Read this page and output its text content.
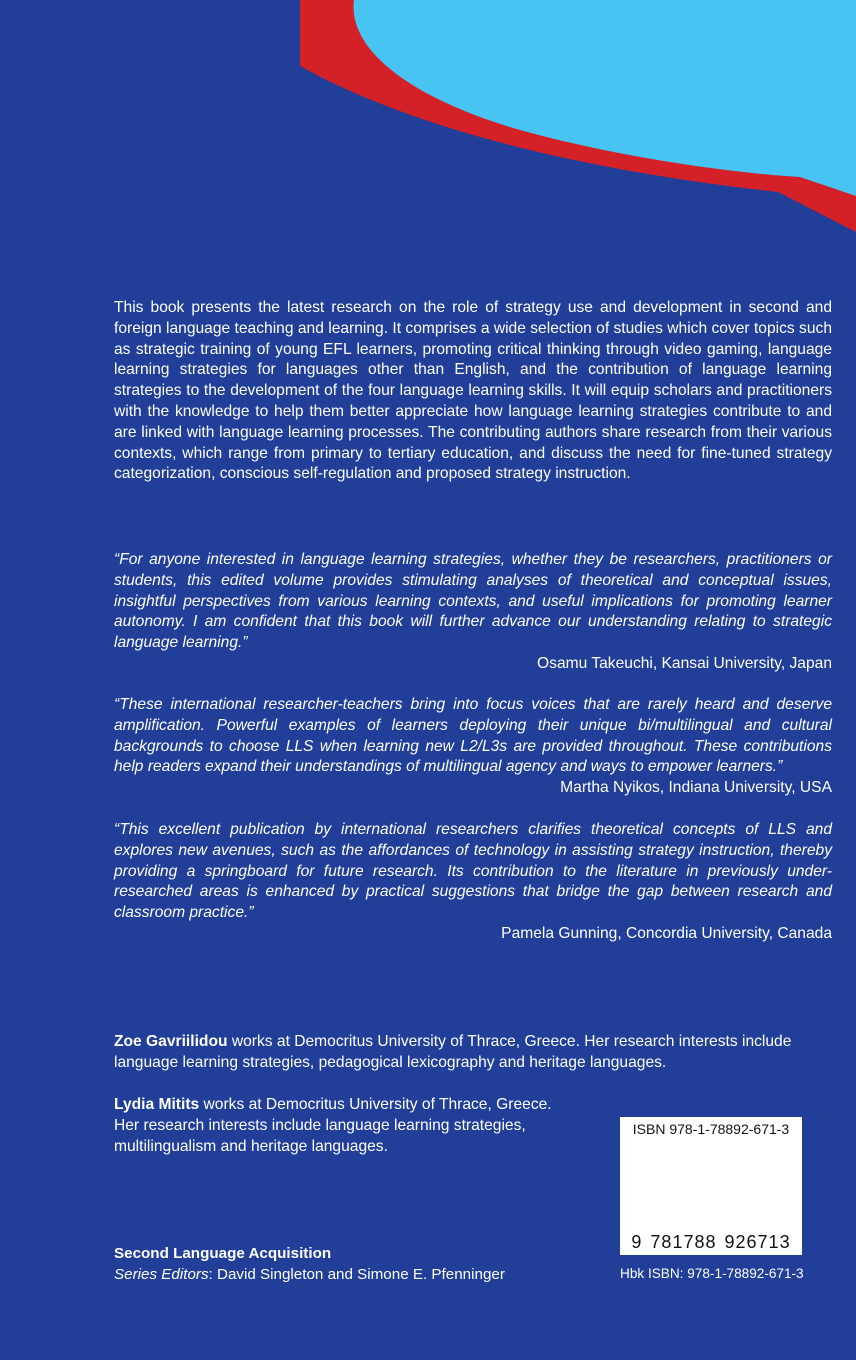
This book presents the latest research on the role of strategy use and development in second and foreign language teaching and learning. It comprises a wide selection of studies which cover topics such as strategic training of young EFL learners, promoting critical thinking through video gaming, language learning strategies for languages other than English, and the contribution of language learning strategies to the development of the four language learning skills. It will equip scholars and practitioners with the knowledge to help them better appreciate how language learning strategies contribute to and are linked with language learning processes. The contributing authors share research from their various contexts, which range from primary to tertiary education, and discuss the need for fine-tuned strategy categorization, conscious self-regulation and proposed strategy instruction.
“For anyone interested in language learning strategies, whether they be researchers, practitioners or students, this edited volume provides stimulating analyses of theoretical and conceptual issues, insightful perspectives from various learning contexts, and useful implications for promoting learner autonomy. I am confident that this book will further advance our understanding relating to strategic language learning.”
Osamu Takeuchi, Kansai University, Japan
“These international researcher-teachers bring into focus voices that are rarely heard and deserve amplification. Powerful examples of learners deploying their unique bi/multilingual and cultural backgrounds to choose LLS when learning new L2/L3s are provided throughout. These contributions help readers expand their understandings of multilingual agency and ways to empower learners.”
Martha Nyikos, Indiana University, USA
“This excellent publication by international researchers clarifies theoretical concepts of LLS and explores new avenues, such as the affordances of technology in assisting strategy instruction, thereby providing a springboard for future research. Its contribution to the literature in previously under-researched areas is enhanced by practical suggestions that bridge the gap between research and classroom practice.”
Pamela Gunning, Concordia University, Canada
Zoe Gavriilidou works at Democritus University of Thrace, Greece. Her research interests include language learning strategies, pedagogical lexicography and heritage languages.
Lydia Mitits works at Democritus University of Thrace, Greece. Her research interests include language learning strategies, multilingualism and heritage languages.
Second Language Acquisition
Series Editors: David Singleton and Simone E. Pfenninger
ISBN 978-1-78892-671-3
9 781788 926713
Hbk ISBN: 978-1-78892-671-3
